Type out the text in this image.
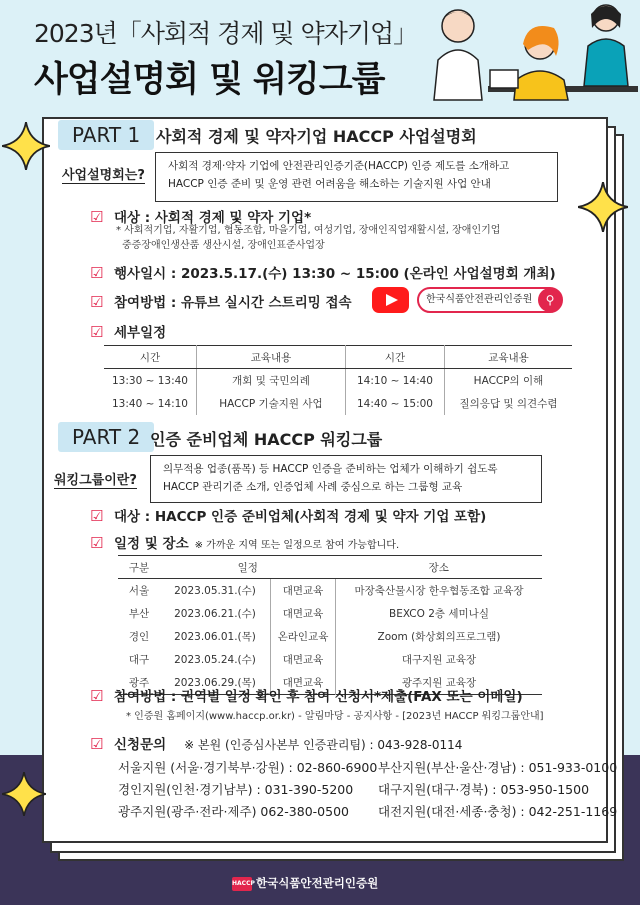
2023년「사회적 경제 및 약자기업」
사업설명회 및 워킹그룹
PART 1 사회적 경제 및 약자기업 HACCP 사업설명회
사업설명회는?
사회적 경제·약자 기업에 안전관리인증기준(HACCP) 인증 제도를 소개하고
HACCP 인증 준비 및 운영 관련 어려움을 해소하는 기술지원 사업 안내
☑ 대상 : 사회적 경제 및 약자 기업*
* 사회적기업, 자활기업, 협동조합, 마을기업, 여성기업, 장애인직업재활시설, 장애인기업
중증장애인생산품 생산시설, 장애인표준사업장
☑ 행사일시 : 2023.5.17.(수) 13:30 ~ 15:00 (온라인 사업설명회 개최)
☑ 참여방법 : 유튜브 실시간 스트리밍 접속	한국식품안전관리인증원	⚲
☑ 세부일정
시간	교육내용	시간	교육내용
13:30 ~ 13:40	개회 및 국민의례	14:10 ~ 14:40	HACCP의 이해
13:40 ~ 14:10	HACCP 기술지원 사업	14:40 ~ 15:00	질의응답 및 의견수렴
PART 2 인증 준비업체 HACCP 워킹그룹
워킹그룹이란?
의무적용 업종(품목) 등 HACCP 인증을 준비하는 업체가 이해하기 쉽도록
HACCP 관리기준 소개, 인증업체 사례 중심으로 하는 그룹형 교육
☑ 대상 : HACCP 인증 준비업체(사회적 경제 및 약자 기업 포함)
☑ 일정 및 장소 ※ 가까운 지역 또는 일정으로 참여 가능합니다.
구분	일정		장소
서울	2023.05.31.(수)	대면교육	마장축산물시장 한우협동조합 교육장
부산	2023.06.21.(수)	대면교육	BEXCO 2층 세미나실
경인	2023.06.01.(목)	온라인교육	Zoom (화상회의프로그램)
대구	2023.05.24.(수)	대면교육	대구지원 교육장
광주	2023.06.29.(목)	대면교육	광주지원 교육장
☑ 참여방법 : 권역별 일정 확인 후 참여 신청서*제출(FAX 또는 이메일)
* 인증원 홈페이지(www.haccp.or.kr) - 알림마당 - 공지사항 - [2023년 HACCP 워킹그룹안내]
☑ 신청문의 ※ 본원 (인증심사본부 인증관리팀) : 043-928-0114
서울지원 (서울·경기북부·강원) : 02-860-6900 부산지원(부산·울산·경남) : 051-933-0100
경인지원(인천·경기남부) : 031-390-5200 대구지원(대구·경북) : 053-950-1500
광주지원(광주·전라·제주) 062-380-0500 대전지원(대전·세종·충청) : 042-251-1169
HACCP한국식품안전관리인증원
